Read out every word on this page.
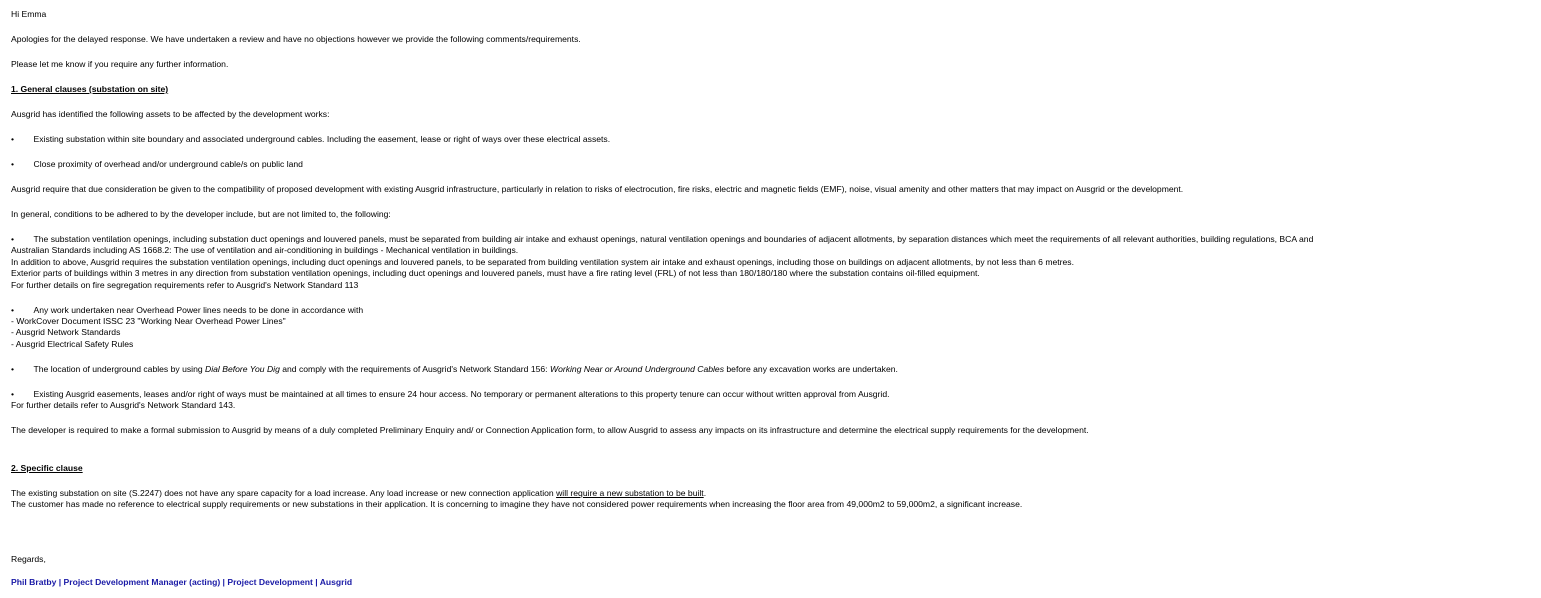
Hi Emma

Apologies for the delayed response. We have undertaken a review and have no objections however we provide the following comments/requirements.

Please let me know if you require any further information.

1. General clauses (substation on site)

Ausgrid has identified the following assets to be affected by the development works:

• Existing substation within site boundary and associated underground cables. Including the easement, lease or right of ways over these electrical assets.

• Close proximity of overhead and/or underground cable/s on public land

Ausgrid require that due consideration be given to the compatibility of proposed development with existing Ausgrid infrastructure, particularly in relation to risks of electrocution, fire risks, electric and magnetic fields (EMF), noise, visual amenity and other matters that may impact on Ausgrid or the development.

In general, conditions to be adhered to by the developer include, but are not limited to, the following:

• The substation ventilation openings, including substation duct openings and louvered panels, must be separated from building air intake and exhaust openings, natural ventilation openings and boundaries of adjacent allotments, by separation distances which meet the requirements of all relevant authorities, building regulations, BCA and

Australian Standards including AS 1668.2: The use of ventilation and air-conditioning in buildings - Mechanical ventilation in buildings.

In addition to above, Ausgrid requires the substation ventilation openings, including duct openings and louvered panels, to be separated from building ventilation system air intake and exhaust openings, including those on buildings on adjacent allotments, by not less than 6 metres.

Exterior parts of buildings within 3 metres in any direction from substation ventilation openings, including duct openings and louvered panels, must have a fire rating level (FRL) of not less than 180/180/180 where the substation contains oil-filled equipment.

For further details on fire segregation requirements refer to Ausgrid's Network Standard 113

• Any work undertaken near Overhead Power lines needs to be done in accordance with

- WorkCover Document ISSC 23 "Working Near Overhead Power Lines"

- Ausgrid Network Standards

- Ausgrid Electrical Safety Rules

• The location of underground cables by using Dial Before You Dig and comply with the requirements of Ausgrid's Network Standard 156: Working Near or Around Underground Cables before any excavation works are undertaken.

• Existing Ausgrid easements, leases and/or right of ways must be maintained at all times to ensure 24 hour access. No temporary or permanent alterations to this property tenure can occur without written approval from Ausgrid.

For further details refer to Ausgrid's Network Standard 143.

The developer is required to make a formal submission to Ausgrid by means of a duly completed Preliminary Enquiry and/ or Connection Application form, to allow Ausgrid to assess any impacts on its infrastructure and determine the electrical supply requirements for the development.

2. Specific clause

The existing substation on site (S.2247) does not have any spare capacity for a load increase. Any load increase or new connection application will require a new substation to be built.

The customer has made no reference to electrical supply requirements or new substations in their application. It is concerning to imagine they have not considered power requirements when increasing the floor area from 49,000m2 to 59,000m2, a significant increase.

Regards,

Phil Bratby | Project Development Manager (acting) | Project Development | Ausgrid
